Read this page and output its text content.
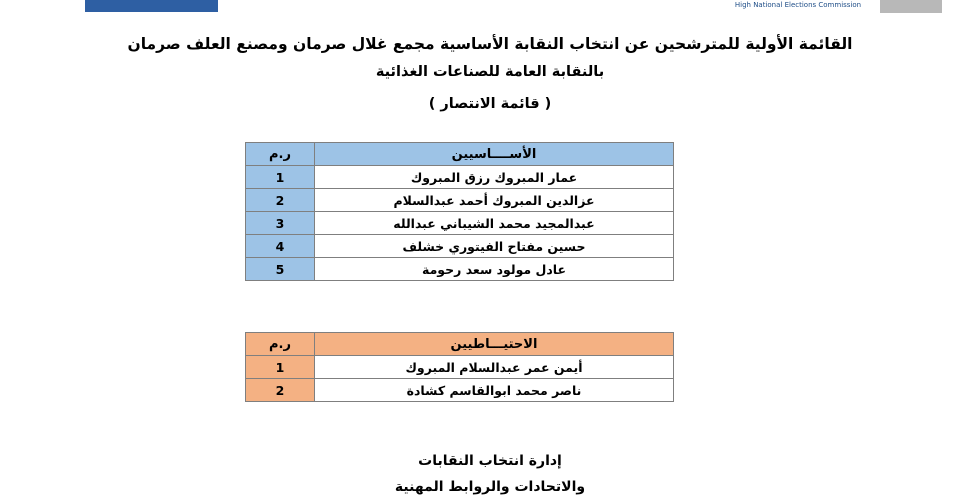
High National Elections Commission
القائمة الأولية للمترشحين عن انتخاب النقابة الأساسية مجمع غلال صرمان ومصنع العلف صرمان
بالنقابة العامة للصناعات الغذائية
( قائمة الانتصار )
الأســــاسيين	ر.م
عمار المبروك رزق المبروك	1
عزالدين المبروك أحمد عبدالسلام	2
عبدالمجيد محمد الشيباني عبدالله	3
حسين مفتاح الفيتوري خشلف	4
عادل مولود سعد رحومة	5
الاحتيـــاطيين	ر.م
أيمن عمر عبدالسلام المبروك	1
ناصر محمد ابوالقاسم كشادة	2
إدارة انتخاب النقابات
والاتحادات والروابط المهنية
